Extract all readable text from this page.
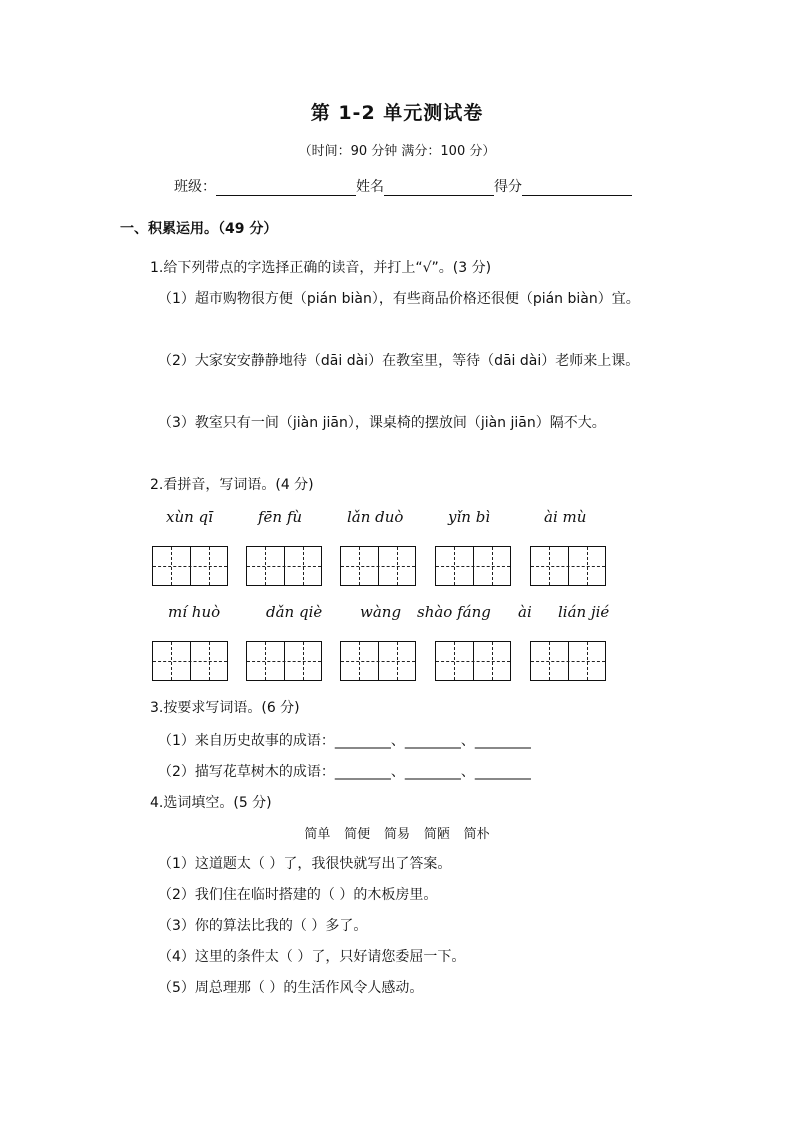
第 1-2 单元测试卷
（时间：90 分钟 满分：100 分）
班级：	姓名	得分
一、积累运用。（49 分）
1.给下列带点的字选择正确的读音，并打上“√”。(3 分)
（1）超市购物很方便（pián biàn），有些商品价格还很便（pián biàn）宜。
（2）大家安安静静地待（dāi dài）在教室里，等待（dāi dài）老师来上课。
（3）教室只有一间（jiàn jiān），课桌椅的摆放间（jiàn jiān）隔不大。
2.看拼音，写词语。(4 分)
xùn qī	fēn fù	lǎn duò	yǐn bì	ài mù
mí huò	dǎn qiè	wàng shào fáng ài lián jié
3.按要求写词语。(6 分)
（1）来自历史故事的成语：________、________、________
（2）描写花草树木的成语：________、________、________
4.选词填空。(5 分)
简单 简便 简易 简陋 简朴
（1）这道题太（ ）了，我很快就写出了答案。
（2）我们住在临时搭建的（ ）的木板房里。
（3）你的算法比我的（ ）多了。
（4）这里的条件太（ ）了，只好请您委屈一下。
（5）周总理那（ ）的生活作风令人感动。
